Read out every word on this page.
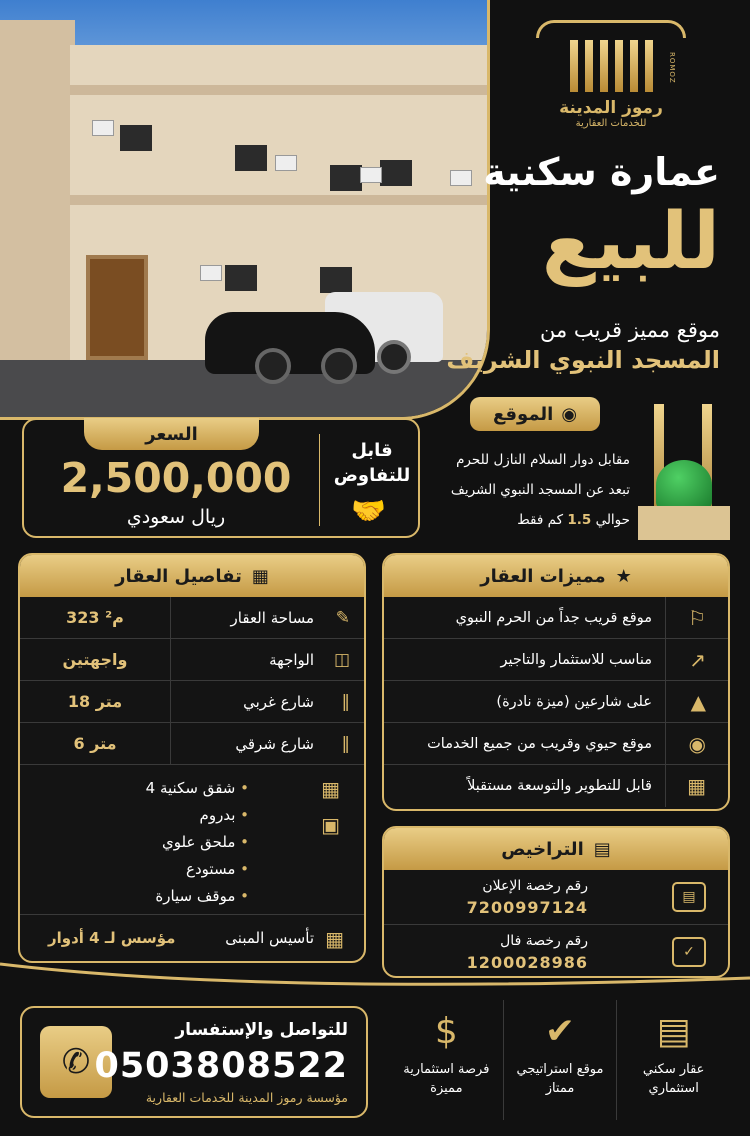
ROMOZ
رموز المدينة
للخدمات العقارية
عمارة سكنية
للبيع
موقع مميز قريب من
المسجد النبوي الشريف
الموقع ◉
مقابل دوار السلام النازل للحرم
تبعد عن المسجد النبوي الشريف
حوالي 1.5 كم فقط
السعر
2,500,000
ريال سعودي
قابل للتفاوض
🤝
تفاصيل العقار ▦
✎
مساحة العقار
323 م²
◫
الواجهة
واجهتين
‖
شارع غربي
18 متر
‖
شارع شرقي
6 متر
▦
▣
4 شقق سكنية •
بدروم •
ملحق علوي •
مستودع •
موقف سيارة •
▦
تأسيس المبنى
مؤسس لـ 4 أدوار
مميزات العقار ★
⚐
موقع قريب جداً من الحرم النبوي
↗
مناسب للاستثمار والتاجير
▲
على شارعين (ميزة نادرة)
◉
موقع حيوي وقريب من جميع الخدمات
▦
قابل للتطوير والتوسعة مستقبلاً
التراخيص ▤
▤
رقم رخصة الإعلان
7200997124
✓
رقم رخصة فال
1200028986
✆
للتواصل والإستفسار
0503808522
مؤسسة رموز المدينة للخدمات العقارية
$
فرصة استثمارية مميزة
✔
موقع استراتيجي ممتاز
▤
عقار سكني استثماري
